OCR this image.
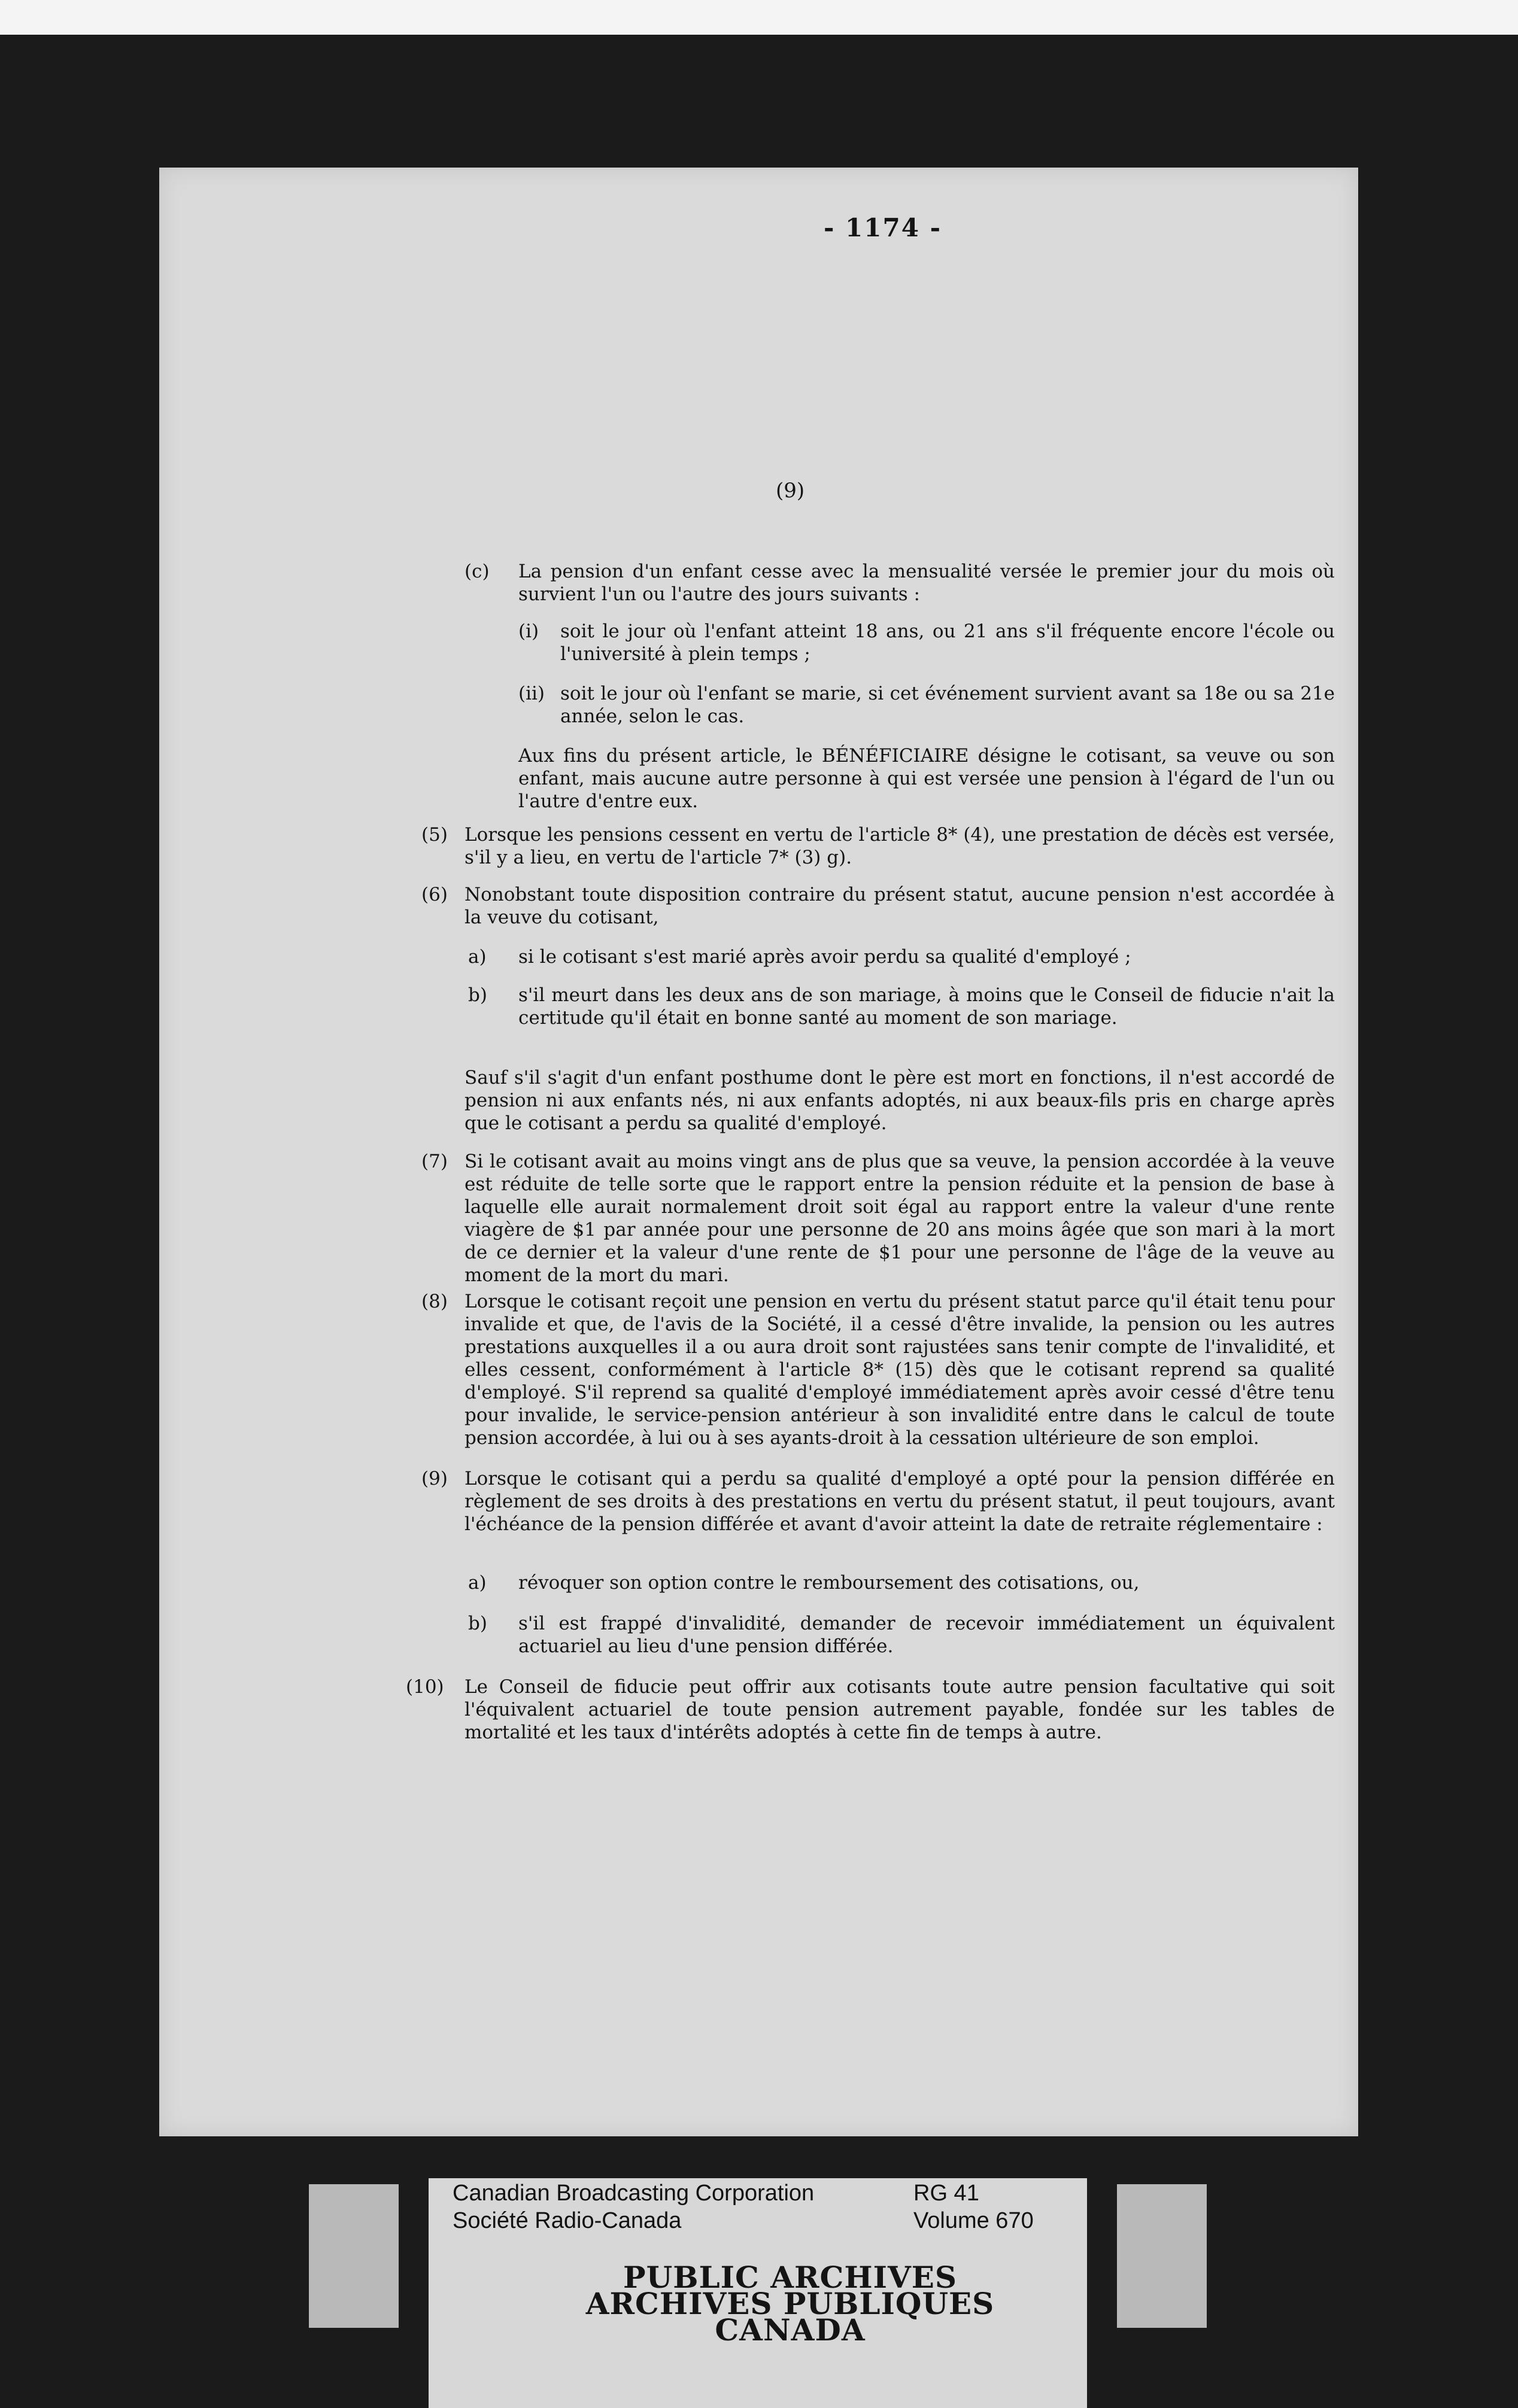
- 1174 -
(9)
(c) La pension d'un enfant cesse avec la mensualité versée le premier jour du mois où survient l'un ou l'autre des jours suivants :
(i) soit le jour où l'enfant atteint 18 ans, ou 21 ans s'il fréquente encore l'école ou l'université à plein temps ;
(ii) soit le jour où l'enfant se marie, si cet événement survient avant sa 18e ou sa 21e année, selon le cas.
Aux fins du présent article, le BÉNÉFICIAIRE désigne le cotisant, sa veuve ou son enfant, mais aucune autre personne à qui est versée une pension à l'égard de l'un ou l'autre d'entre eux.
(5) Lorsque les pensions cessent en vertu de l'article 8* (4), une prestation de décès est versée, s'il y a lieu, en vertu de l'article 7* (3) g).
(6) Nonobstant toute disposition contraire du présent statut, aucune pension n'est accordée à la veuve du cotisant,
a) si le cotisant s'est marié après avoir perdu sa qualité d'employé ;
b) s'il meurt dans les deux ans de son mariage, à moins que le Conseil de fiducie n'ait la certitude qu'il était en bonne santé au moment de son mariage.
Sauf s'il s'agit d'un enfant posthume dont le père est mort en fonctions, il n'est accordé de pension ni aux enfants nés, ni aux enfants adoptés, ni aux beaux-fils pris en charge après que le cotisant a perdu sa qualité d'employé.
(7) Si le cotisant avait au moins vingt ans de plus que sa veuve, la pension accordée à la veuve est réduite de telle sorte que le rapport entre la pension réduite et la pension de base à laquelle elle aurait normalement droit soit égal au rapport entre la valeur d'une rente viagère de $1 par année pour une personne de 20 ans moins âgée que son mari à la mort de ce dernier et la valeur d'une rente de $1 pour une personne de l'âge de la veuve au moment de la mort du mari.
(8) Lorsque le cotisant reçoit une pension en vertu du présent statut parce qu'il était tenu pour invalide et que, de l'avis de la Société, il a cessé d'être invalide, la pension ou les autres prestations auxquelles il a ou aura droit sont rajustées sans tenir compte de l'invalidité, et elles cessent, conformément à l'article 8* (15) dès que le cotisant reprend sa qualité d'employé. S'il reprend sa qualité d'employé immédiatement après avoir cessé d'être tenu pour invalide, le service-pension antérieur à son invalidité entre dans le calcul de toute pension accordée, à lui ou à ses ayants-droit à la cessation ultérieure de son emploi.
(9) Lorsque le cotisant qui a perdu sa qualité d'employé a opté pour la pension différée en règlement de ses droits à des prestations en vertu du présent statut, il peut toujours, avant l'échéance de la pension différée et avant d'avoir atteint la date de retraite réglementaire :
a) révoquer son option contre le remboursement des cotisations, ou,
b) s'il est frappé d'invalidité, demander de recevoir immédiatement un équivalent actuariel au lieu d'une pension différée.
(10) Le Conseil de fiducie peut offrir aux cotisants toute autre pension facultative qui soit l'équivalent actuariel de toute pension autrement payable, fondée sur les tables de mortalité et les taux d'intérêts adoptés à cette fin de temps à autre.
Canadian Broadcasting Corporation
Société Radio-Canada
RG 41
Volume 670
PUBLIC ARCHIVES
ARCHIVES PUBLIQUES
CANADA
